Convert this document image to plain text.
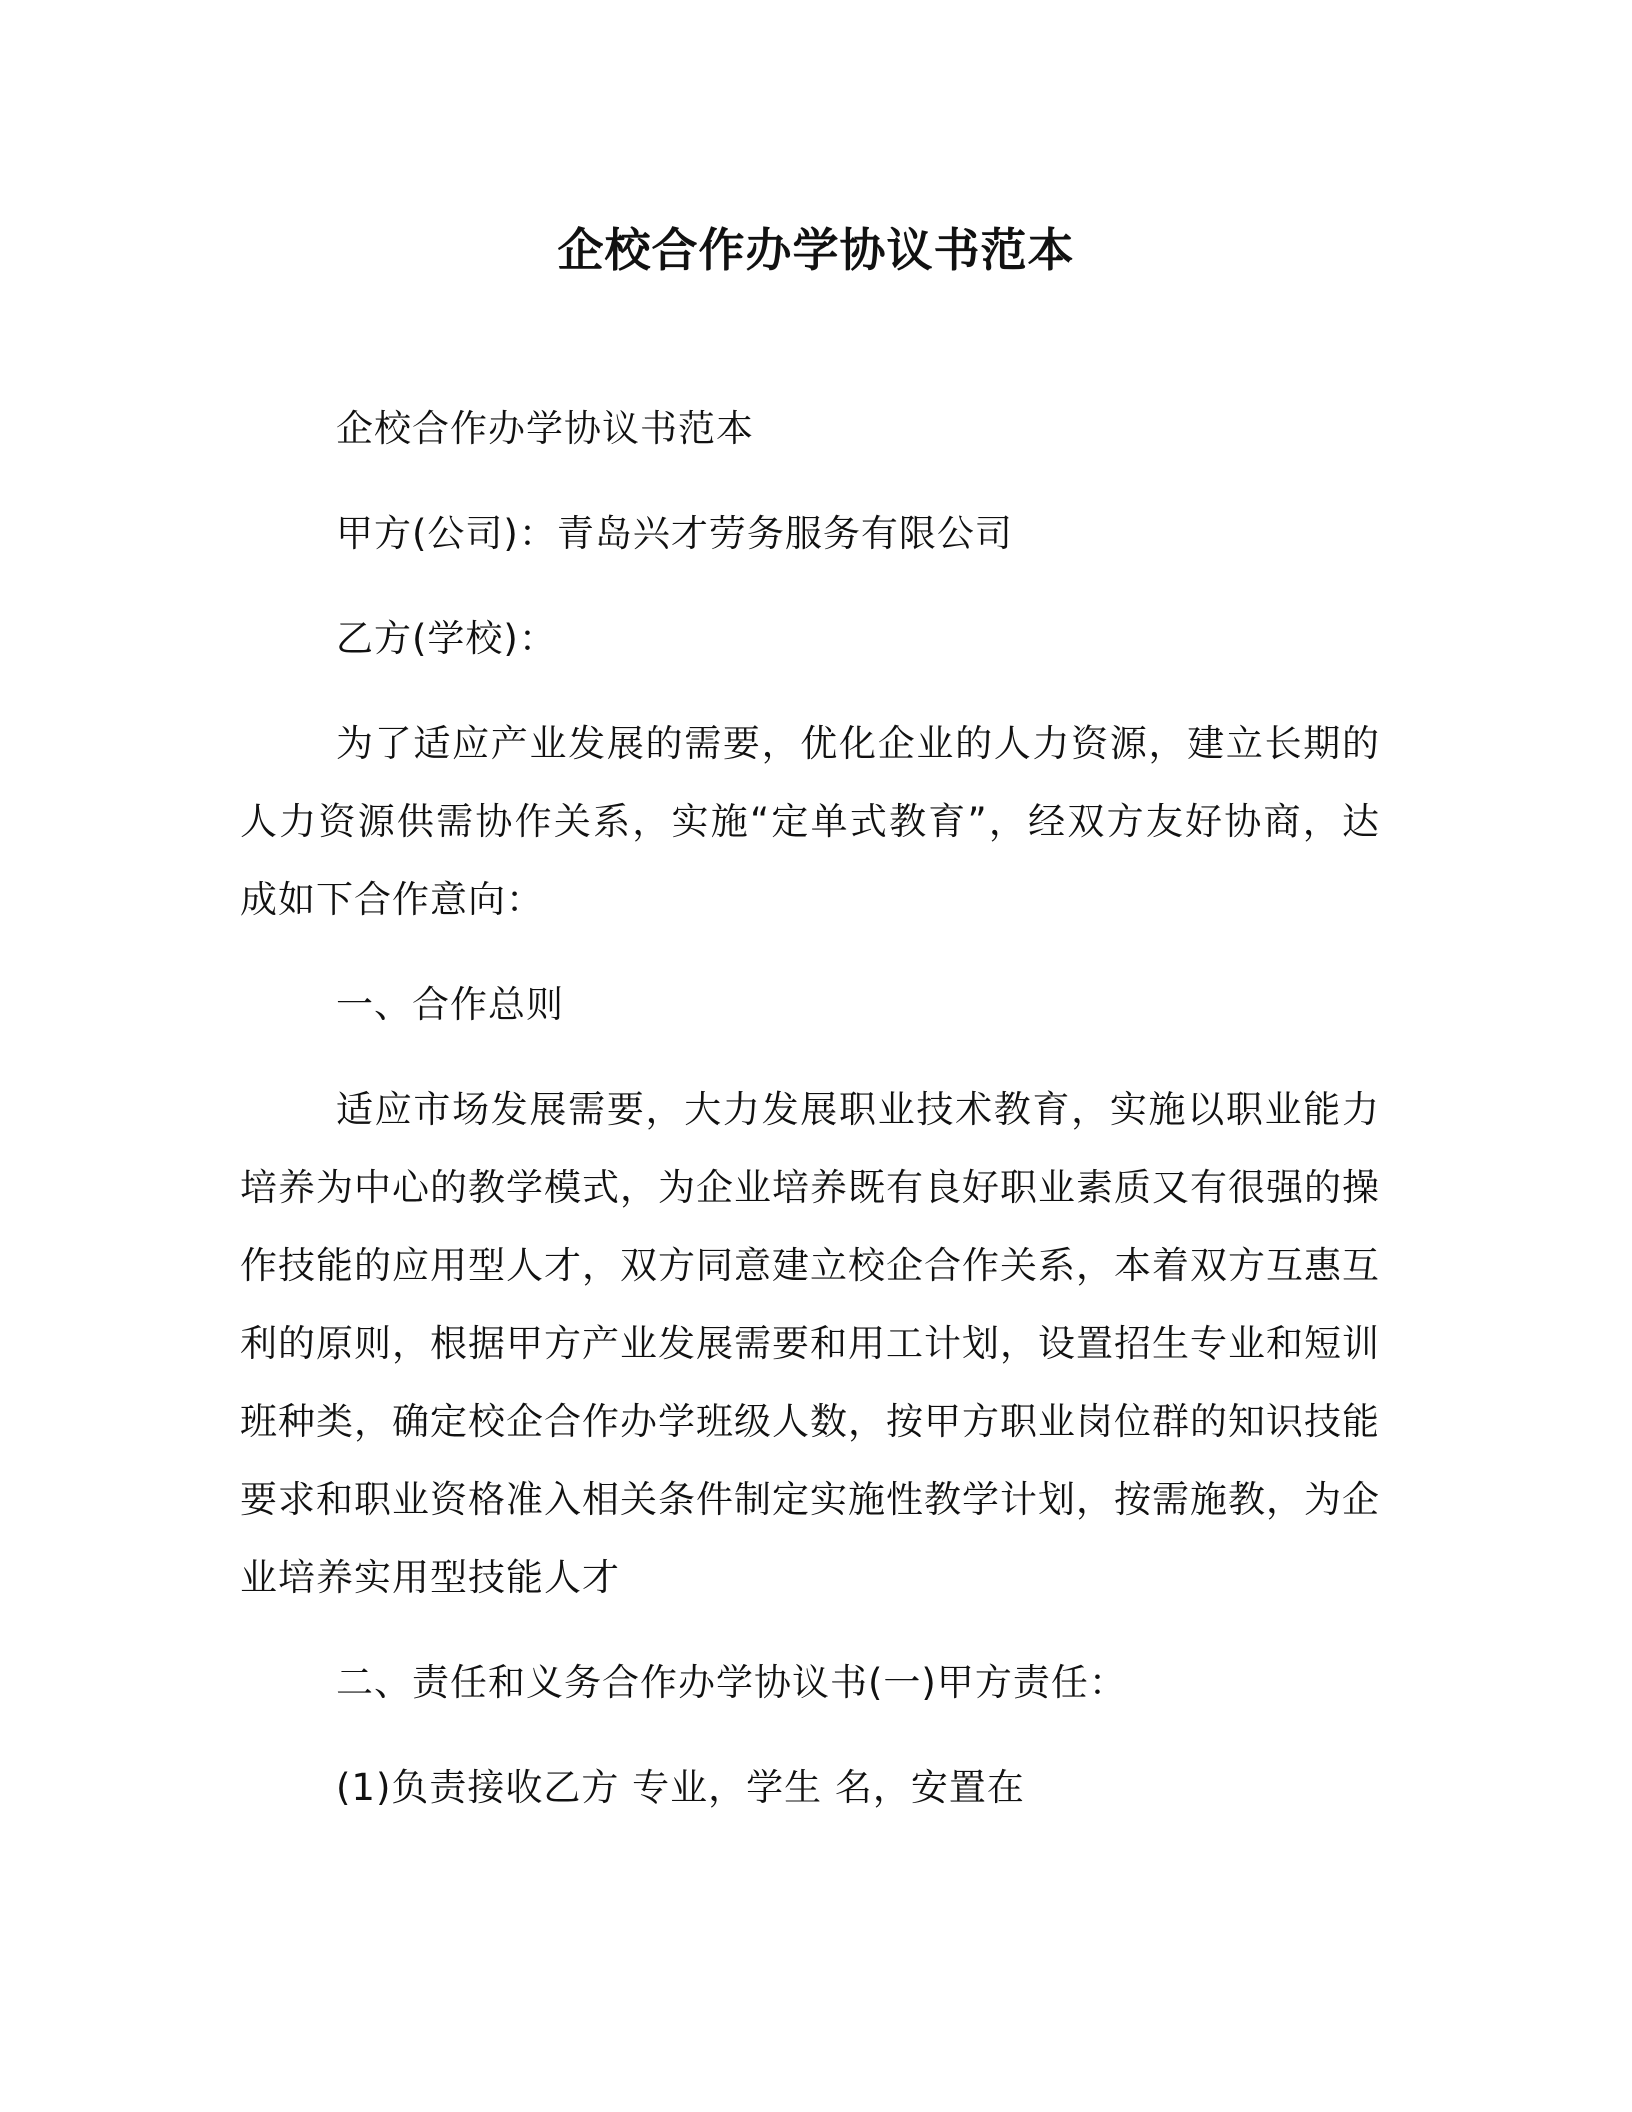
企校合作办学协议书范本

企校合作办学协议书范本

甲方(公司)：青岛兴才劳务服务有限公司

乙方(学校)：

为了适应产业发展的需要，优化企业的人力资源，建立长期的人力资源供需协作关系，实施“定单式教育”，经双方友好协商，达成如下合作意向：

一、合作总则

适应市场发展需要，大力发展职业技术教育，实施以职业能力培养为中心的教学模式，为企业培养既有良好职业素质又有很强的操作技能的应用型人才，双方同意建立校企合作关系，本着双方互惠互利的原则，根据甲方产业发展需要和用工计划，设置招生专业和短训班种类，确定校企合作办学班级人数，按甲方职业岗位群的知识技能要求和职业资格准入相关条件制定实施性教学计划，按需施教，为企业培养实用型技能人才

二、责任和义务合作办学协议书(一)甲方责任：

(1)负责接收乙方 专业，学生 名，安置在
